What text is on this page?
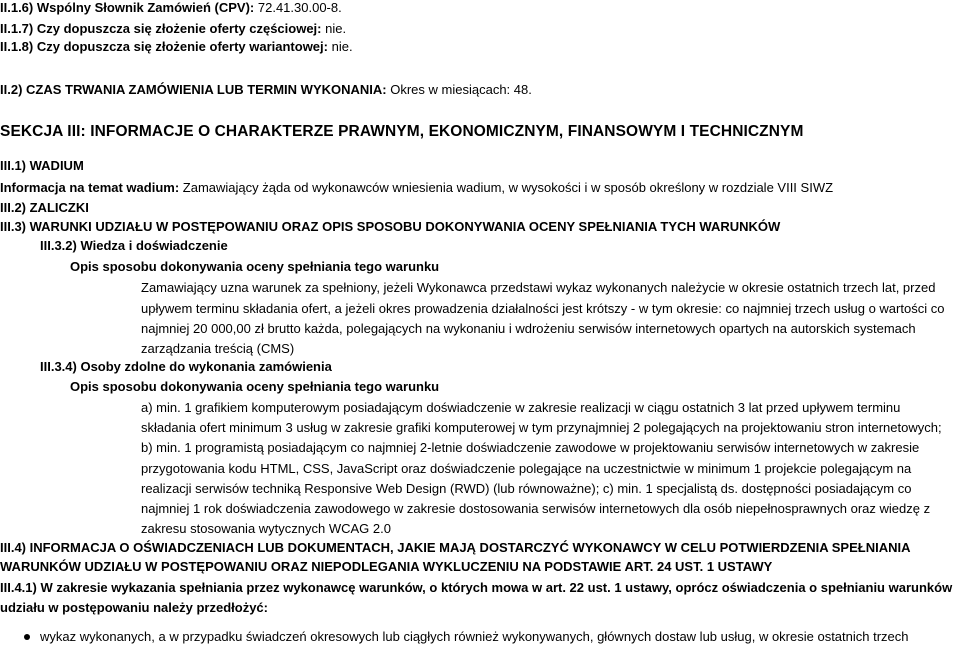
II.1.6) Wspólny Słownik Zamówień (CPV): 72.41.30.00-8.
II.1.7) Czy dopuszcza się złożenie oferty częściowej: nie.
II.1.8) Czy dopuszcza się złożenie oferty wariantowej: nie.
II.2) CZAS TRWANIA ZAMÓWIENIA LUB TERMIN WYKONANIA: Okres w miesiącach: 48.
SEKCJA III: INFORMACJE O CHARAKTERZE PRAWNYM, EKONOMICZNYM, FINANSOWYM I TECHNICZNYM
III.1) WADIUM
Informacja na temat wadium: Zamawiający żąda od wykonawców wniesienia wadium, w wysokości i w sposób określony w rozdziale VIII SIWZ
III.2) ZALICZKI
III.3) WARUNKI UDZIAŁU W POSTĘPOWANIU ORAZ OPIS SPOSOBU DOKONYWANIA OCENY SPEŁNIANIA TYCH WARUNKÓW
III.3.2) Wiedza i doświadczenie
Opis sposobu dokonywania oceny spełniania tego warunku
Zamawiający uzna warunek za spełniony, jeżeli Wykonawca przedstawi wykaz wykonanych należycie w okresie ostatnich trzech lat, przed
upływem terminu składania ofert, a jeżeli okres prowadzenia działalności jest krótszy - w tym okresie: co najmniej trzech usług o wartości co
najmniej 20 000,00 zł brutto każda, polegających na wykonaniu i wdrożeniu serwisów internetowych opartych na autorskich systemach
zarządzania treścią (CMS)
III.3.4) Osoby zdolne do wykonania zamówienia
Opis sposobu dokonywania oceny spełniania tego warunku
a) min. 1 grafikiem komputerowym posiadającym doświadczenie w zakresie realizacji w ciągu ostatnich 3 lat przed upływem terminu
składania ofert minimum 3 usług w zakresie grafiki komputerowej w tym przynajmniej 2 polegających na projektowaniu stron internetowych;
b) min. 1 programistą posiadającym co najmniej 2-letnie doświadczenie zawodowe w projektowaniu serwisów internetowych w zakresie
przygotowania kodu HTML, CSS, JavaScript oraz doświadczenie polegające na uczestnictwie w minimum 1 projekcie polegającym na
realizacji serwisów techniką Responsive Web Design (RWD) (lub równoważne); c) min. 1 specjalistą ds. dostępności posiadającym co
najmniej 1 rok doświadczenia zawodowego w zakresie dostosowania serwisów internetowych dla osób niepełnosprawnych oraz wiedzę z
zakresu stosowania wytycznych WCAG 2.0
III.4) INFORMACJA O OŚWIADCZENIACH LUB DOKUMENTACH, JAKIE MAJĄ DOSTARCZYĆ WYKONAWCY W CELU POTWIERDZENIA SPEŁNIANIA
WARUNKÓW UDZIAŁU W POSTĘPOWANIU ORAZ NIEPODLEGANIA WYKLUCZENIU NA PODSTAWIE ART. 24 UST. 1 USTAWY
III.4.1) W zakresie wykazania spełniania przez wykonawcę warunków, o których mowa w art. 22 ust. 1 ustawy, oprócz oświadczenia o spełnianiu warunków
udziału w postępowaniu należy przedłożyć:
wykaz wykonanych, a w przypadku świadczeń okresowych lub ciągłych również wykonywanych, głównych dostaw lub usług, w okresie ostatnich trzech
